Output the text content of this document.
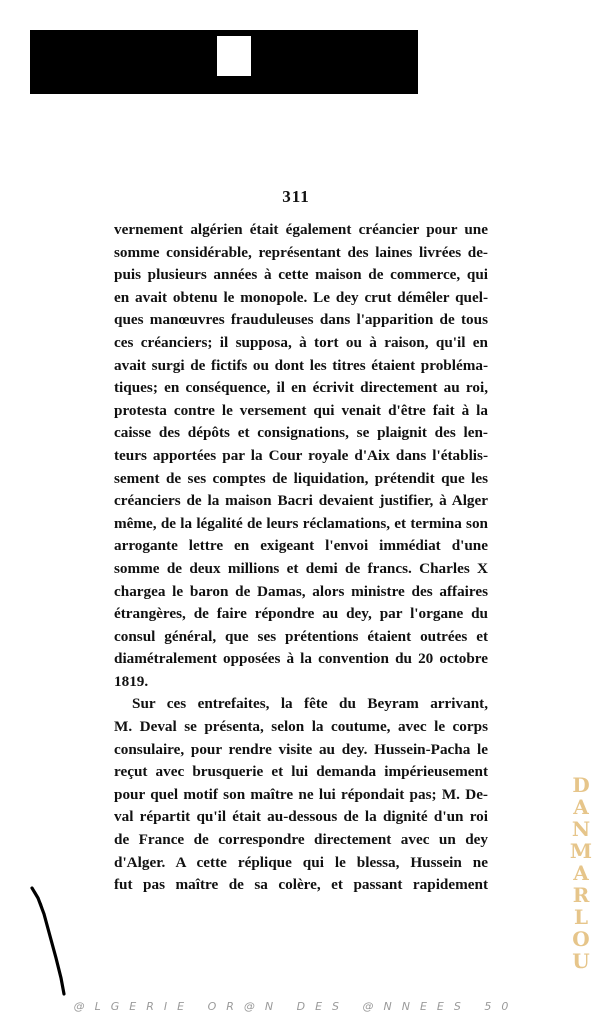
311
vernement algérien était également créancier pour une
somme considérable, représentant des laines livrées de-
puis plusieurs années à cette maison de commerce, qui
en avait obtenu le monopole. Le dey crut démêler quel-
ques manœuvres frauduleuses dans l'apparition de tous
ces créanciers; il supposa, à tort ou à raison, qu'il en
avait surgi de fictifs ou dont les titres étaient probléma-
tiques; en conséquence, il en écrivit directement au roi,
protesta contre le versement qui venait d'être fait à la
caisse des dépôts et consignations, se plaignit des len-
teurs apportées par la Cour royale d'Aix dans l'établis-
sement de ses comptes de liquidation, prétendit que les
créanciers de la maison Bacri devaient justifier, à Alger
même, de la légalité de leurs réclamations, et termina son
arrogante lettre en exigeant l'envoi immédiat d'une
somme de deux millions et demi de francs. Charles X
chargea le baron de Damas, alors ministre des affaires
étrangères, de faire répondre au dey, par l'organe du
consul général, que ses prétentions étaient outrées et
diamétralement opposées à la convention du 20 octobre
1819.
Sur ces entrefaites, la fête du Beyram arrivant,
M. Deval se présenta, selon la coutume, avec le corps
consulaire, pour rendre visite au dey. Hussein-Pacha le
reçut avec brusquerie et lui demanda impérieusement
pour quel motif son maître ne lui répondait pas; M. De-
val répartit qu'il était au-dessous de la dignité d'un roi
de France de correspondre directement avec un dey
d'Alger. A cette réplique qui le blessa, Hussein ne
fut pas maître de sa colère, et passant rapidement
DANMARLOU
@LGERIE OR@N DES @NNEES 50
